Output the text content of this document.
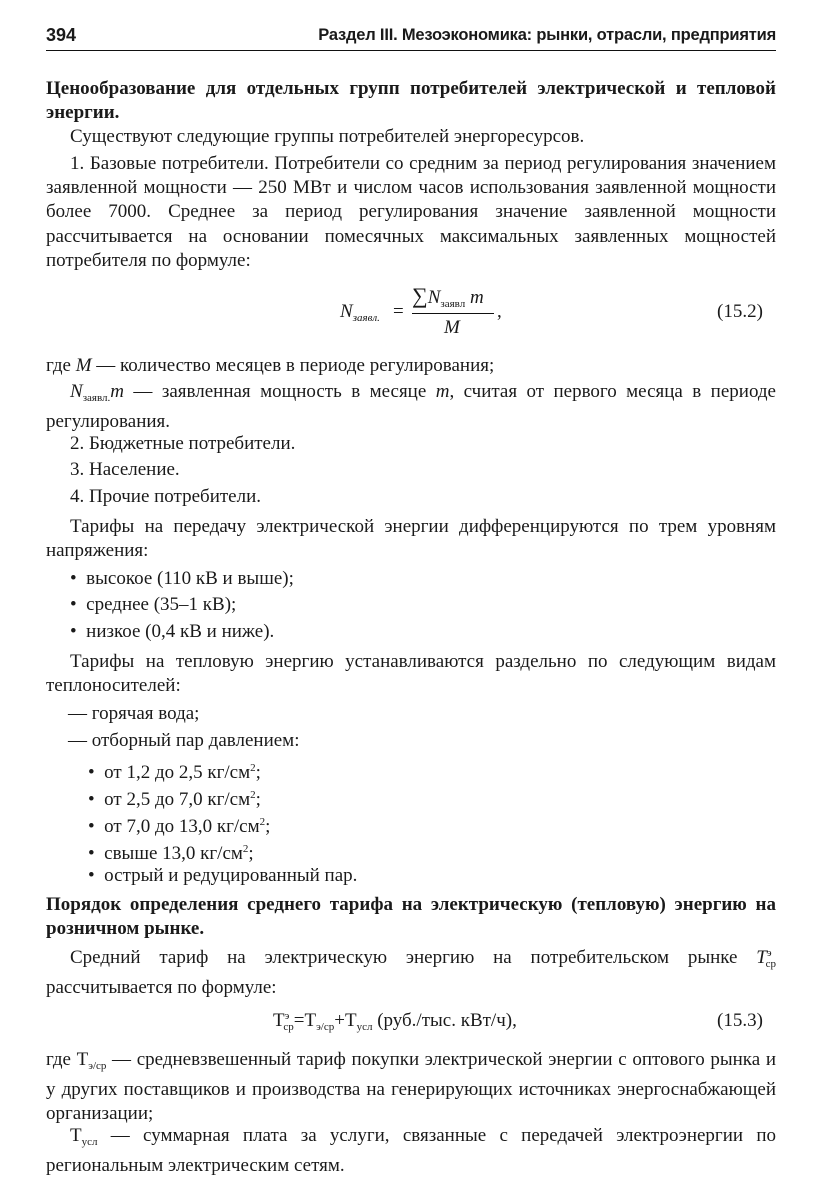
394	Раздел III. Мезоэкономика: рынки, отрасли, предприятия

Ценообразование для отдельных групп потребителей электрической и тепловой энергии.

Существуют следующие группы потребителей энергоресурсов.

1. Базовые потребители. Потребители со средним за период регулирования значением заявленной мощности — 250 МВт и числом часов использования заявленной мощности более 7000. Среднее за период регулирования значение заявленной мощности рассчитывается на основании помесячных максимальных заявленных мощностей потребителя по формуле:

$N_{заявл.}$ =
$\sum N_{заявл}$ m
M
,	(15.2)

где M — количество месяцев в периоде регулирования;

$N_{заявл.}m$ — заявленная мощность в месяце m, считая от первого месяца в периоде регулирования.

2. Бюджетные потребители.

3. Население.

4. Прочие потребители.

Тарифы на передачу электрической энергии дифференцируются по трем уровням напряжения:

•  высокое (110 кВ и выше);

•  среднее (35–1 кВ);

•  низкое (0,4 кВ и ниже).

Тарифы на тепловую энергию устанавливаются раздельно по следующим видам теплоносителей:

— горячая вода;

— отборный пар давлением:

•  от 1,2 до 2,5 $кг/см^2$;

•  от 2,5 до 7,0 $кг/см^2$;

•  от 7,0 до 13,0 $кг/см^2$;

•  свыше 13,0 $кг/см^2$;

•  острый и редуцированный пар.

Порядок определения среднего тарифа на электрическую (тепловую) энергию на розничном рынке.

Средний тариф на электрическую энергию на потребительском рынке $T^э_{ср}$ рассчитывается по формуле:

$T^э_{ср}=T_{э/ср}+T_{усл}$ (руб./тыс. кВт/ч),	(15.3)

где $T_{э/ср}$ — средневзвешенный тариф покупки электрической энергии с оптового рынка и у других поставщиков и производства на генерирующих источниках энергоснабжающей организации;

$T_{усл}$ — суммарная плата за услуги, связанные с передачей электроэнергии по региональным электрическим сетям.
